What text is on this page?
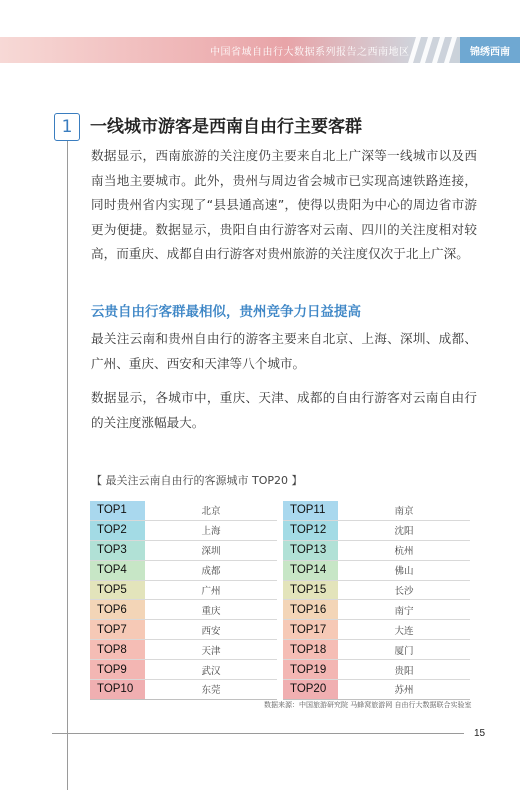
中国省域自由行大数据系列报告之西南地区	锦绣西南
1	一线城市游客是西南自由行主要客群

数据显示，西南旅游的关注度仍主要来自北上广深等一线城市以及西南当地主要城市。此外，贵州与周边省会城市已实现高速铁路连接，同时贵州省内实现了“县县通高速”，使得以贵阳为中心的周边省市游更为便捷。数据显示，贵阳自由行游客对云南、四川的关注度相对较高，而重庆、成都自由行游客对贵州旅游的关注度仅次于北上广深。

云贵自由行客群最相似，贵州竞争力日益提高

最关注云南和贵州自由行的游客主要来自北京、上海、深圳、成都、广州、重庆、西安和天津等八个城市。

数据显示，各城市中，重庆、天津、成都的自由行游客对云南自由行的关注度涨幅最大。

【 最关注云南自由行的客源城市 TOP20 】
TOP1	北京
TOP2	上海
TOP3	深圳
TOP4	成都
TOP5	广州
TOP6	重庆
TOP7	西安
TOP8	天津
TOP9	武汉
TOP10	东莞
TOP11	南京
TOP12	沈阳
TOP13	杭州
TOP14	佛山
TOP15	长沙
TOP16	南宁
TOP17	大连
TOP18	厦门
TOP19	贵阳
TOP20	苏州
数据来源：中国旅游研究院 马蜂窝旅游网 自由行大数据联合实验室
15
